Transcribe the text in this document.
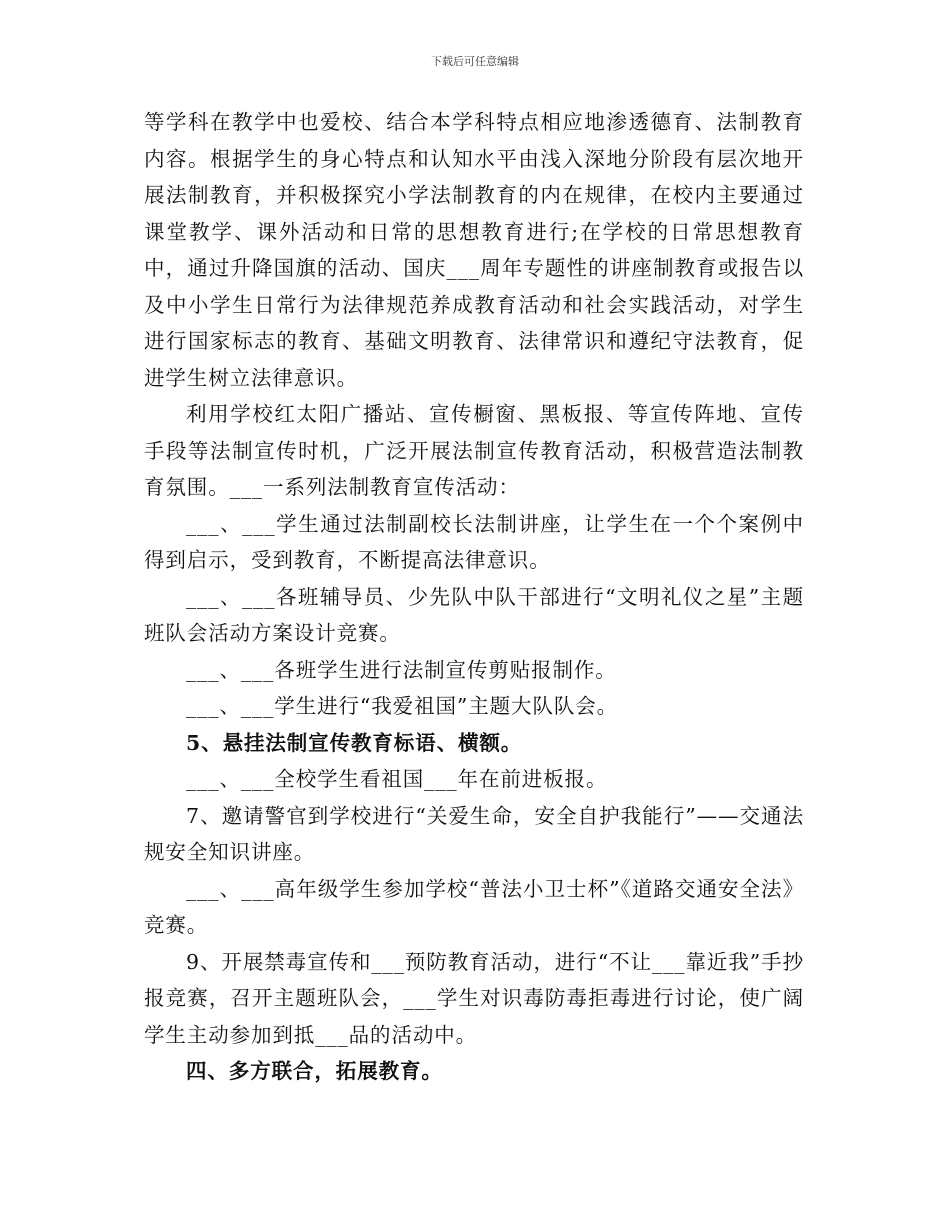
下载后可任意编辑

等学科在教学中也爱校、结合本学科特点相应地渗透德育、法制教育内容。根据学生的身心特点和认知水平由浅入深地分阶段有层次地开展法制教育，并积极探究小学法制教育的内在规律，在校内主要通过课堂教学、课外活动和日常的思想教育进行;在学校的日常思想教育中，通过升降国旗的活动、国庆___周年专题性的讲座制教育或报告以及中小学生日常行为法律规范养成教育活动和社会实践活动，对学生进行国家标志的教育、基础文明教育、法律常识和遵纪守法教育，促进学生树立法律意识。

利用学校红太阳广播站、宣传橱窗、黑板报、等宣传阵地、宣传手段等法制宣传时机，广泛开展法制宣传教育活动，积极营造法制教育氛围。___一系列法制教育宣传活动：

___、___学生通过法制副校长法制讲座，让学生在一个个案例中得到启示，受到教育，不断提高法律意识。

___、___各班辅导员、少先队中队干部进行“文明礼仪之星”主题班队会活动方案设计竞赛。

___、___各班学生进行法制宣传剪贴报制作。

___、___学生进行“我爱祖国”主题大队队会。

5、悬挂法制宣传教育标语、横额。

___、___全校学生看祖国___年在前进板报。

7、邀请警官到学校进行“关爱生命，安全自护我能行”——交通法规安全知识讲座。

___、___高年级学生参加学校“普法小卫士杯”《道路交通安全法》竞赛。

9、开展禁毒宣传和___预防教育活动，进行“不让___靠近我”手抄报竞赛，召开主题班队会，___学生对识毒防毒拒毒进行讨论，使广阔学生主动参加到抵___品的活动中。

四、多方联合，拓展教育。
